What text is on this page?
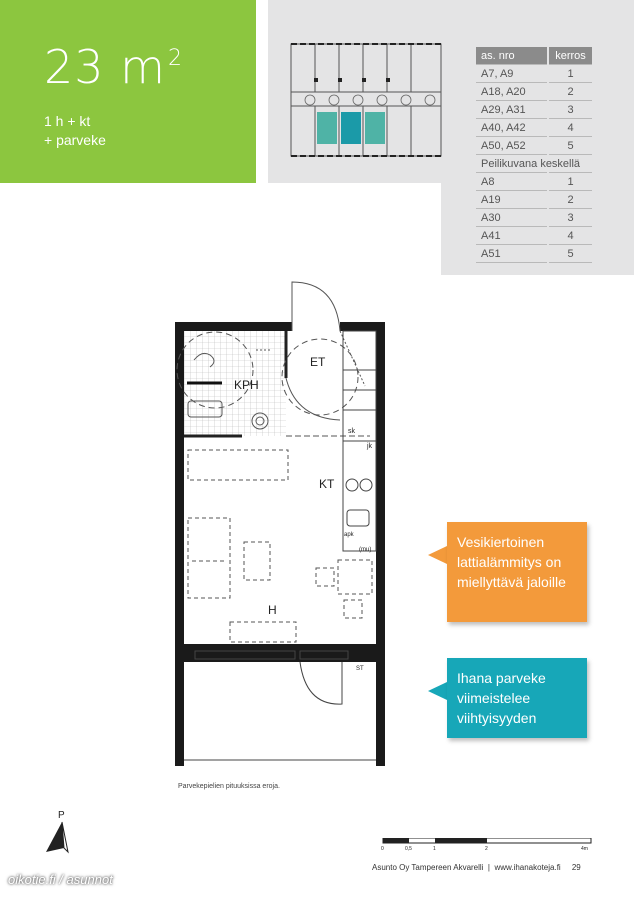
23 $m^2$
1 h + kt
+ parveke
as. nro	kerros
A7, A9	1
A18, A20	2
A29, A31	3
A40, A42	4
A50, A52	5
Peilikuvana keskellä	
A8	1
A19	2
A30	3
A41	4
A51	5
KPH
ET
sk
jk
apk
(mu)
KT
H
ST
Parvekepielien pituuksissa eroja.
Vesikiertoinen lattialämmitys on miellyttävä jaloille
Ihana parveke viimeistelee viihtyisyyden
P
0	0,5	1	2	4m
Asunto Oy Tampereen Akvarelli  |  www.ihanakoteja.fi 29
oikotie.fi / asunnot
